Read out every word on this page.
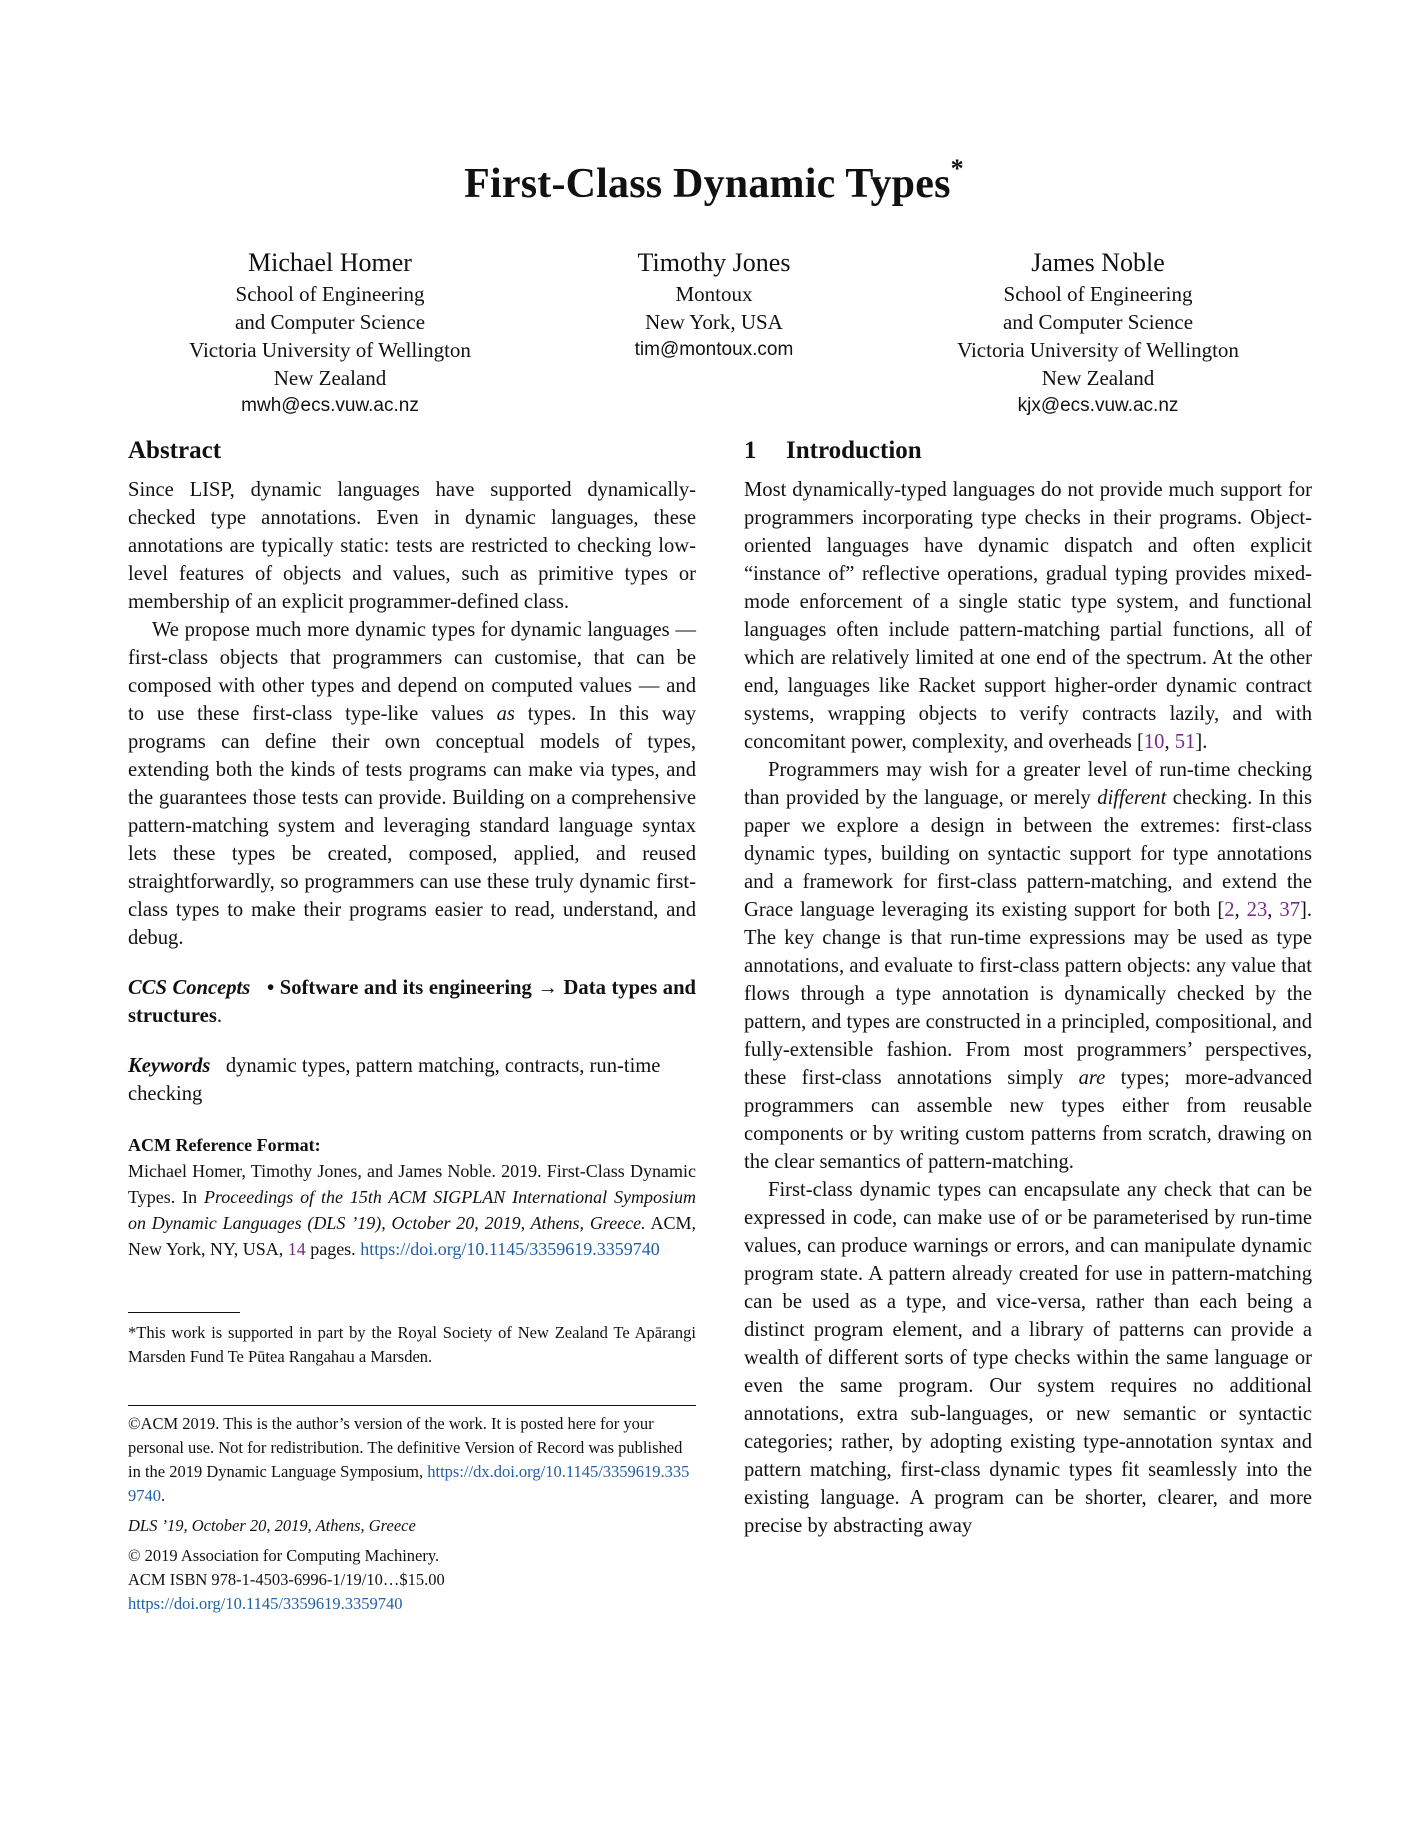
First-Class Dynamic Types*
Michael Homer
School of Engineering
and Computer Science
Victoria University of Wellington
New Zealand
mwh@ecs.vuw.ac.nz
Timothy Jones
Montoux
New York, USA
tim@montoux.com
James Noble
School of Engineering
and Computer Science
Victoria University of Wellington
New Zealand
kjx@ecs.vuw.ac.nz
Abstract

Since LISP, dynamic languages have supported dynamically-checked type annotations. Even in dynamic languages, these annotations are typically static: tests are restricted to checking low-level features of objects and values, such as primitive types or membership of an explicit programmer-defined class.

We propose much more dynamic types for dynamic languages — first-class objects that programmers can customise, that can be composed with other types and depend on computed values — and to use these first-class type-like values as types. In this way programs can define their own conceptual models of types, extending both the kinds of tests programs can make via types, and the guarantees those tests can provide. Building on a comprehensive pattern-matching system and leveraging standard language syntax lets these types be created, composed, applied, and reused straightforwardly, so programmers can use these truly dynamic first-class types to make their programs easier to read, understand, and debug.

CCS Concepts • Software and its engineering → Data types and structures.

Keywords dynamic types, pattern matching, contracts, run-time checking

ACM Reference Format:
Michael Homer, Timothy Jones, and James Noble. 2019. First-Class Dynamic Types. In Proceedings of the 15th ACM SIGPLAN International Symposium on Dynamic Languages (DLS ’19), October 20, 2019, Athens, Greece. ACM, New York, NY, USA, 14 pages. https://doi.org/10.1145/3359619.3359740
*This work is supported in part by the Royal Society of New Zealand Te Apārangi Marsden Fund Te Pūtea Rangahau a Marsden.
©ACM 2019. This is the author’s version of the work. It is posted here for your personal use. Not for redistribution. The definitive Version of Record was published in the 2019 Dynamic Language Symposium, https://dx.doi.org/10.1145/3359619.3359740.
DLS ’19, October 20, 2019, Athens, Greece
© 2019 Association for Computing Machinery.
ACM ISBN 978-1-4503-6996-1/19/10…$15.00
https://doi.org/10.1145/3359619.3359740
1 Introduction

Most dynamically-typed languages do not provide much support for programmers incorporating type checks in their programs. Object-oriented languages have dynamic dispatch and often explicit “instance of” reflective operations, gradual typing provides mixed-mode enforcement of a single static type system, and functional languages often include pattern-matching partial functions, all of which are relatively limited at one end of the spectrum. At the other end, languages like Racket support higher-order dynamic contract systems, wrapping objects to verify contracts lazily, and with concomitant power, complexity, and overheads [10, 51].

Programmers may wish for a greater level of run-time checking than provided by the language, or merely different checking. In this paper we explore a design in between the extremes: first-class dynamic types, building on syntactic support for type annotations and a framework for first-class pattern-matching, and extend the Grace language leveraging its existing support for both [2, 23, 37]. The key change is that run-time expressions may be used as type annotations, and evaluate to first-class pattern objects: any value that flows through a type annotation is dynamically checked by the pattern, and types are constructed in a principled, compositional, and fully-extensible fashion. From most programmers’ perspectives, these first-class annotations simply are types; more-advanced programmers can assemble new types either from reusable components or by writing custom patterns from scratch, drawing on the clear semantics of pattern-matching.

First-class dynamic types can encapsulate any check that can be expressed in code, can make use of or be parameterised by run-time values, can produce warnings or errors, and can manipulate dynamic program state. A pattern already created for use in pattern-matching can be used as a type, and vice-versa, rather than each being a distinct program element, and a library of patterns can provide a wealth of different sorts of type checks within the same language or even the same program. Our system requires no additional annotations, extra sub-languages, or new semantic or syntactic categories; rather, by adopting existing type-annotation syntax and pattern matching, first-class dynamic types fit seamlessly into the existing language. A program can be shorter, clearer, and more precise by abstracting away
